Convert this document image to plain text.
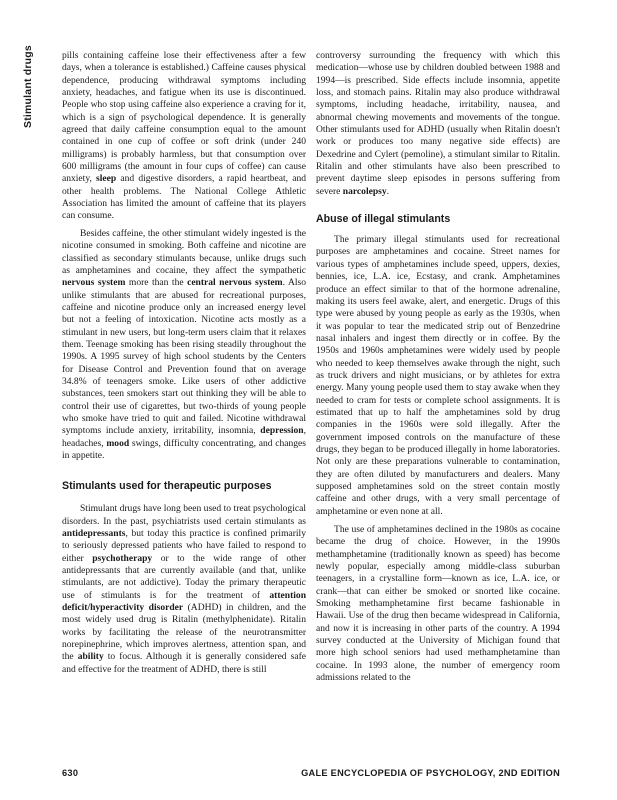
Stimulant drugs	pills containing caffeine lose their effectiveness after a few days, when a tolerance is established.) Caffeine causes physical dependence, producing withdrawal symptoms including anxiety, headaches, and fatigue when its use is discontinued. People who stop using caffeine also experience a craving for it, which is a sign of psychological dependence. It is generally agreed that daily caffeine consumption equal to the amount contained in one cup of coffee or soft drink (under 240 milligrams) is probably harmless, but that consumption over 600 milligrams (the amount in four cups of coffee) can cause anxiety, sleep and digestive disorders, a rapid heartbeat, and other health problems. The National College Athletic Association has limited the amount of caffeine that its players can consume.

Besides caffeine, the other stimulant widely ingested is the nicotine consumed in smoking. Both caffeine and nicotine are classified as secondary stimulants because, unlike drugs such as amphetamines and cocaine, they affect the sympathetic nervous system more than the central nervous system. Also unlike stimulants that are abused for recreational purposes, caffeine and nicotine produce only an increased energy level but not a feeling of intoxication. Nicotine acts mostly as a stimulant in new users, but long-term users claim that it relaxes them. Teenage smoking has been rising steadily throughout the 1990s. A 1995 survey of high school students by the Centers for Disease Control and Prevention found that on average 34.8% of teenagers smoke. Like users of other addictive substances, teen smokers start out thinking they will be able to control their use of cigarettes, but two-thirds of young people who smoke have tried to quit and failed. Nicotine withdrawal symptoms include anxiety, irritability, insomnia, depression, headaches, mood swings, difficulty concentrating, and changes in appetite.

Stimulants used for therapeutic purposes

Stimulant drugs have long been used to treat psychological disorders. In the past, psychiatrists used certain stimulants as antidepressants, but today this practice is confined primarily to seriously depressed patients who have failed to respond to either psychotherapy or to the wide range of other antidepressants that are currently available (and that, unlike stimulants, are not addictive). Today the primary therapeutic use of stimulants is for the treatment of attention deficit/hyperactivity disorder (ADHD) in children, and the most widely used drug is Ritalin (methylphenidate). Ritalin works by facilitating the release of the neurotransmitter norepinephrine, which improves alertness, attention span, and the ability to focus. Although it is generally considered safe and effective for the treatment of ADHD, there is still

controversy surrounding the frequency with which this medication—whose use by children doubled between 1988 and 1994—is prescribed. Side effects include insomnia, appetite loss, and stomach pains. Ritalin may also produce withdrawal symptoms, including headache, irritability, nausea, and abnormal chewing movements and movements of the tongue. Other stimulants used for ADHD (usually when Ritalin doesn't work or produces too many negative side effects) are Dexedrine and Cylert (pemoline), a stimulant similar to Ritalin. Ritalin and other stimulants have also been prescribed to prevent daytime sleep episodes in persons suffering from severe narcolepsy.

Abuse of illegal stimulants

The primary illegal stimulants used for recreational purposes are amphetamines and cocaine. Street names for various types of amphetamines include speed, uppers, dexies, bennies, ice, L.A. ice, Ecstasy, and crank. Amphetamines produce an effect similar to that of the hormone adrenaline, making its users feel awake, alert, and energetic. Drugs of this type were abused by young people as early as the 1930s, when it was popular to tear the medicated strip out of Benzedrine nasal inhalers and ingest them directly or in coffee. By the 1950s and 1960s amphetamines were widely used by people who needed to keep themselves awake through the night, such as truck drivers and night musicians, or by athletes for extra energy. Many young people used them to stay awake when they needed to cram for tests or complete school assignments. It is estimated that up to half the amphetamines sold by drug companies in the 1960s were sold illegally. After the government imposed controls on the manufacture of these drugs, they began to be produced illegally in home laboratories. Not only are these preparations vulnerable to contamination, they are often diluted by manufacturers and dealers. Many supposed amphetamines sold on the street contain mostly caffeine and other drugs, with a very small percentage of amphetamine or even none at all.

The use of amphetamines declined in the 1980s as cocaine became the drug of choice. However, in the 1990s methamphetamine (traditionally known as speed) has become newly popular, especially among middle-class suburban teenagers, in a crystalline form—known as ice, L.A. ice, or crank—that can either be smoked or snorted like cocaine. Smoking methamphetamine first became fashionable in Hawaii. Use of the drug then became widespread in California, and now it is increasing in other parts of the country. A 1994 survey conducted at the University of Michigan found that more high school seniors had used methamphetamine than cocaine. In 1993 alone, the number of emergency room admissions related to the

630	GALE ENCYCLOPEDIA OF PSYCHOLOGY, 2ND EDITION
